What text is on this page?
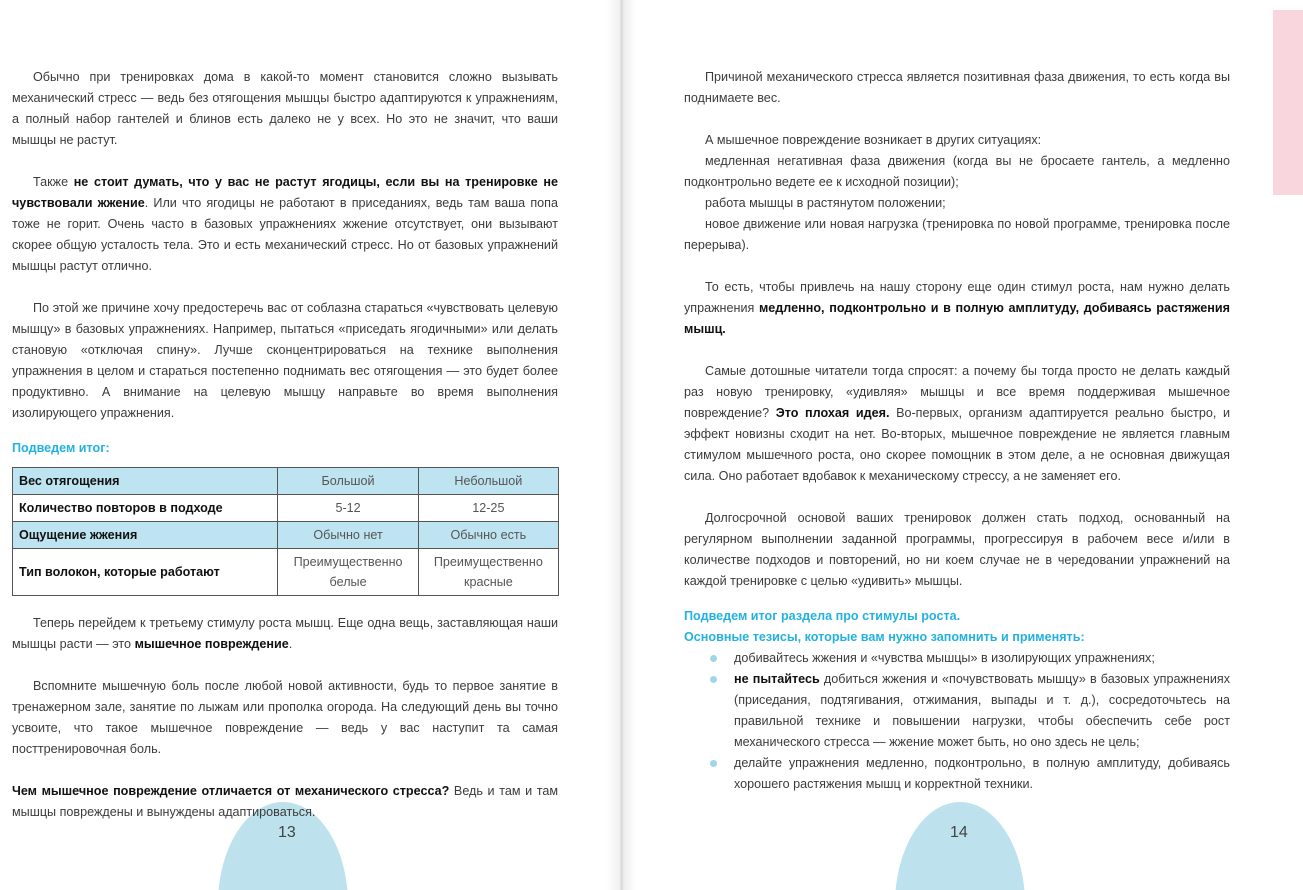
13

Обычно при тренировках дома в какой-то момент становится сложно вызывать механический стресс — ведь без отягощения мышцы быстро адаптируются к упражнениям, а полный набор гантелей и блинов есть далеко не у всех. Но это не значит, что ваши мышцы не растут.

Также не стоит думать, что у вас не растут ягодицы, если вы на тренировке не чувствовали жжение. Или что ягодицы не работают в приседаниях, ведь там ваша попа тоже не горит. Очень часто в базовых упражнениях жжение отсутствует, они вызывают скорее общую усталость тела. Это и есть механический стресс. Но от базовых упражнений мышцы растут отлично.

По этой же причине хочу предостеречь вас от соблазна стараться «чувствовать целевую мышцу» в базовых упражнениях. Например, пытаться «приседать ягодичными» или делать становую «отключая спину». Лучше сконцентрироваться на технике выполнения упражнения в целом и стараться постепенно поднимать вес отягощения — это будет более продуктивно. А внимание на целевую мышцу направьте во время выполнения изолирующего упражнения.

Подведем итог:
Вес отягощения	Большой	Небольшой
Количество повторов в подходе	5-12	12-25
Ощущение жжения	Обычно нет	Обычно есть
Тип волокон, которые работают	Преимущественно белые	Преимущественно красные

Теперь перейдем к третьему стимулу роста мышц. Еще одна вещь, заставляющая наши мышцы расти — это мышечное повреждение.

Вспомните мышечную боль после любой новой активности, будь то первое занятие в тренажерном зале, занятие по лыжам или прополка огорода. На следующий день вы точно усвоите, что такое мышечное повреждение — ведь у вас наступит та самая посттренировочная боль.

Чем мышечное повреждение отличается от механического стресса? Ведь и там и там мышцы повреждены и вынуждены адаптироваться.

14

Причиной механического стресса является позитивная фаза движения, то есть когда вы поднимаете вес.

А мышечное повреждение возникает в других ситуациях:

медленная негативная фаза движения (когда вы не бросаете гантель, а медленно подконтрольно ведете ее к исходной позиции);

работа мышцы в растянутом положении;

новое движение или новая нагрузка (тренировка по новой программе, тренировка после перерыва).

То есть, чтобы привлечь на нашу сторону еще один стимул роста, нам нужно делать упражнения медленно, подконтрольно и в полную амплитуду, добиваясь растяжения мышц.

Самые дотошные читатели тогда спросят: а почему бы тогда просто не делать каждый раз новую тренировку, «удивляя» мышцы и все время поддерживая мышечное повреждение? Это плохая идея. Во-первых, организм адаптируется реально быстро, и эффект новизны сходит на нет. Во-вторых, мышечное повреждение не является главным стимулом мышечного роста, оно скорее помощник в этом деле, а не основная движущая сила. Оно работает вдобавок к механическому стрессу, а не заменяет его.

Долгосрочной основой ваших тренировок должен стать подход, основанный на регулярном выполнении заданной программы, прогрессируя в рабочем весе и/или в количестве подходов и повторений, но ни коем случае не в чередовании упражнений на каждой тренировке с целью «удивить» мышцы.

Подведем итог раздела про стимулы роста.
Основные тезисы, которые вам нужно запомнить и применять:
добивайтесь жжения и «чувства мышцы» в изолирующих упражнениях;
не пытайтесь добиться жжения и «почувствовать мышцу» в базовых упражнениях (приседания, подтягивания, отжимания, выпады и т. д.), сосредоточьтесь на правильной технике и повышении нагрузки, чтобы обеспечить себе рост механического стресса — жжение может быть, но оно здесь не цель;
делайте упражнения медленно, подконтрольно, в полную амплитуду, добиваясь хорошего растяжения мышц и корректной техники.
